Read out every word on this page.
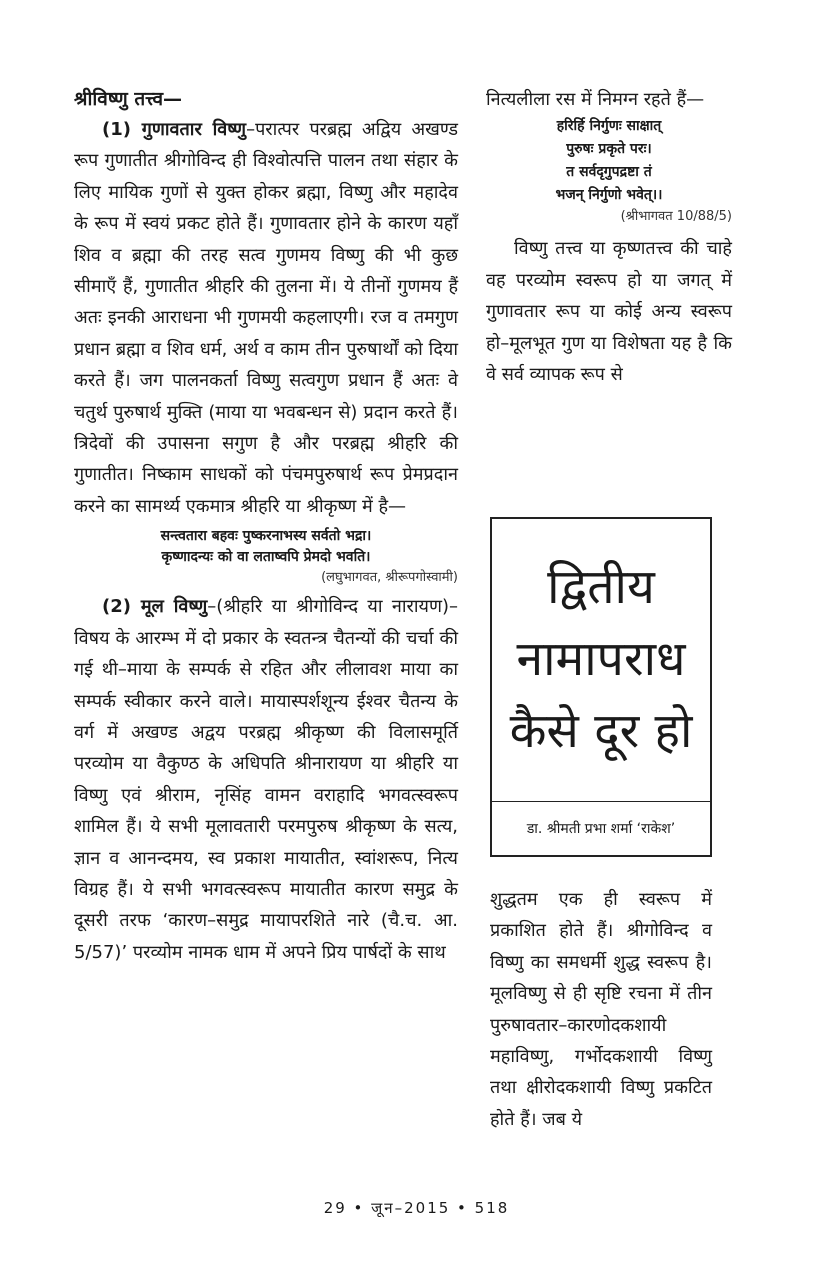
श्रीविष्णु तत्त्व—

(1) गुणावतार विष्णु–परात्पर परब्रह्म अद्विय अखण्ड रूप गुणातीत श्रीगोविन्द ही विश्वोत्पत्ति पालन तथा संहार के लिए मायिक गुणों से युक्त होकर ब्रह्मा, विष्णु और महादेव के रूप में स्वयं प्रकट होते हैं। गुणावतार होने के कारण यहाँ शिव व ब्रह्मा की तरह सत्व गुणमय विष्णु की भी कुछ सीमाएँ हैं, गुणातीत श्रीहरि की तुलना में। ये तीनों गुणमय हैं अतः इनकी आराधना भी गुणमयी कहलाएगी। रज व तमगुण प्रधान ब्रह्मा व शिव धर्म, अर्थ व काम तीन पुरुषार्थों को दिया करते हैं। जग पालनकर्ता विष्णु सत्वगुण प्रधान हैं अतः वे चतुर्थ पुरुषार्थ मुक्ति (माया या भवबन्धन से) प्रदान करते हैं। त्रिदेवों की उपासना सगुण है और परब्रह्म श्रीहरि की गुणातीत। निष्काम साधकों को पंचमपुरुषार्थ रूप प्रेमप्रदान करने का सामर्थ्य एकमात्र श्रीहरि या श्रीकृष्ण में है—

सन्त्वतारा बहवः पुष्करनाभस्य सर्वतो भद्रा।
कृष्णादन्यः को वा लताष्वपि प्रेमदो भवति।
(लघुभागवत, श्रीरूपगोस्वामी)

(2) मूल विष्णु–(श्रीहरि या श्रीगोविन्द या नारायण)–विषय के आरम्भ में दो प्रकार के स्वतन्त्र चैतन्यों की चर्चा की गई थी–माया के सम्पर्क से रहित और लीलावश माया का सम्पर्क स्वीकार करने वाले। मायास्पर्शशून्य ईश्वर चैतन्य के वर्ग में अखण्ड अद्वय परब्रह्म श्रीकृष्ण की विलासमूर्ति परव्योम या वैकुण्ठ के अधिपति श्रीनारायण या श्रीहरि या विष्णु एवं श्रीराम, नृसिंह वामन वराहादि भगवत्स्वरूप शामिल हैं। ये सभी मूलावतारी परमपुरुष श्रीकृष्ण के सत्य, ज्ञान व आनन्दमय, स्व प्रकाश मायातीत, स्वांशरूप, नित्य विग्रह हैं। ये सभी भगवत्स्वरूप मायातीत कारण समुद्र के दूसरी तरफ ‘कारण–समुद्र मायापरशिते नारे (चै.च. आ. 5/57)’ परव्योम नामक धाम में अपने प्रिय पार्षदों के साथ

नित्यलीला रस में निमग्न रहते हैं—

हरिर्हि निर्गुणः साक्षात्
पुरुषः प्रकृते परः।
त सर्वदृगुपद्रष्टा तं
भजन् निर्गुणो भवेत्।।
(श्रीभागवत 10/88/5)

विष्णु तत्त्व या कृष्णतत्त्व की चाहे वह परव्योम स्वरूप हो या जगत् में गुणावतार रूप या कोई अन्य स्वरूप हो–मूलभूत गुण या विशेषता यह है कि वे सर्व व्यापक रूप से

द्वितीय
नामापराध
कैसे दूर हो
डा. श्रीमती प्रभा शर्मा ‘राकेश’

शुद्धतम एक ही स्वरूप में प्रकाशित होते हैं। श्रीगोविन्द व विष्णु का समधर्मी शुद्ध स्वरूप है। मूलविष्णु से ही सृष्टि रचना में तीन पुरुषावतार–कारणोदकशायी महाविष्णु, गर्भोदकशायी विष्णु तथा क्षीरोदकशायी विष्णु प्रकटित होते हैं। जब ये

29 • जून–2015 • 518
